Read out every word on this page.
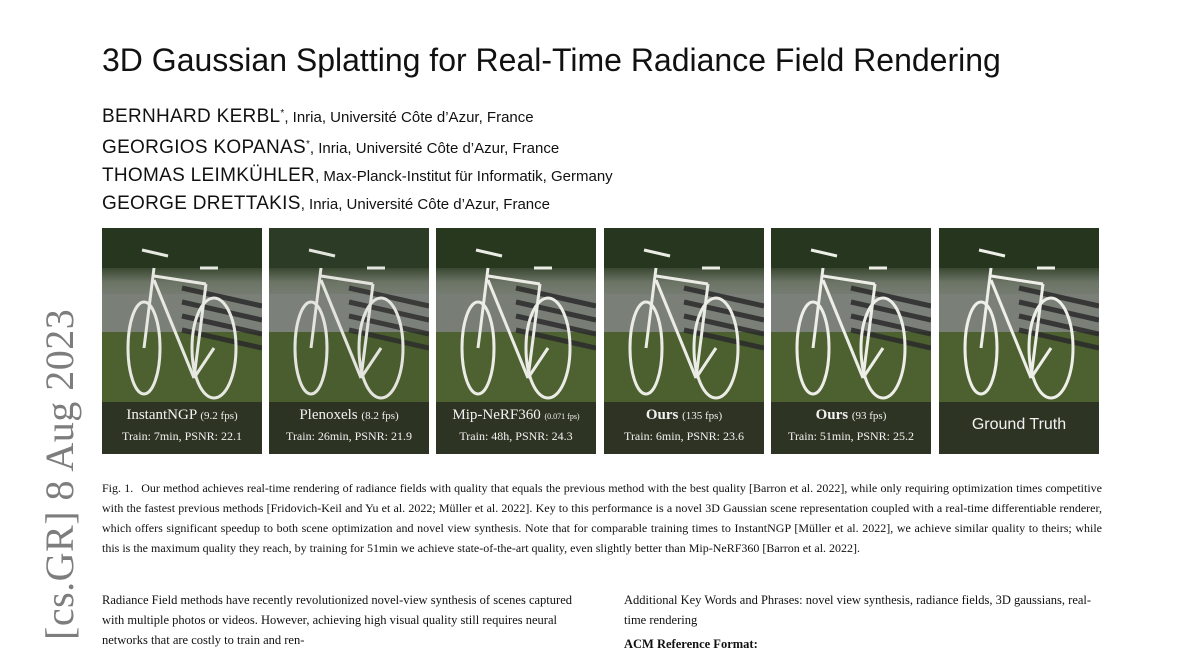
[cs.GR] 8 Aug 2023
3D Gaussian Splatting for Real-Time Radiance Field Rendering
BERNHARD KERBL*, Inria, Université Côte d’Azur, France
GEORGIOS KOPANAS*, Inria, Université Côte d’Azur, France
THOMAS LEIMKÜHLER, Max-Planck-Institut für Informatik, Germany
GEORGE DRETTAKIS, Inria, Université Côte d’Azur, France
InstantNGP (9.2 fps)
Train: 7min, PSNR: 22.1
Plenoxels (8.2 fps)
Train: 26min, PSNR: 21.9
Mip-NeRF360 (0.071 fps)
Train: 48h, PSNR: 24.3
Ours (135 fps)
Train: 6min, PSNR: 23.6
Ours (93 fps)
Train: 51min, PSNR: 25.2
Ground Truth

Fig. 1. Our method achieves real-time rendering of radiance fields with quality that equals the previous method with the best quality [Barron et al. 2022], while only requiring optimization times competitive with the fastest previous methods [Fridovich-Keil and Yu et al. 2022; Müller et al. 2022]. Key to this performance is a novel 3D Gaussian scene representation coupled with a real-time differentiable renderer, which offers significant speedup to both scene optimization and novel view synthesis. Note that for comparable training times to InstantNGP [Müller et al. 2022], we achieve similar quality to theirs; while this is the maximum quality they reach, by training for 51min we achieve state-of-the-art quality, even slightly better than Mip-NeRF360 [Barron et al. 2022].

Radiance Field methods have recently revolutionized novel-view synthesis of scenes captured with multiple photos or videos. However, achieving high visual quality still requires neural networks that are costly to train and ren-

Additional Key Words and Phrases: novel view synthesis, radiance fields, 3D gaussians, real-time rendering

ACM Reference Format:
